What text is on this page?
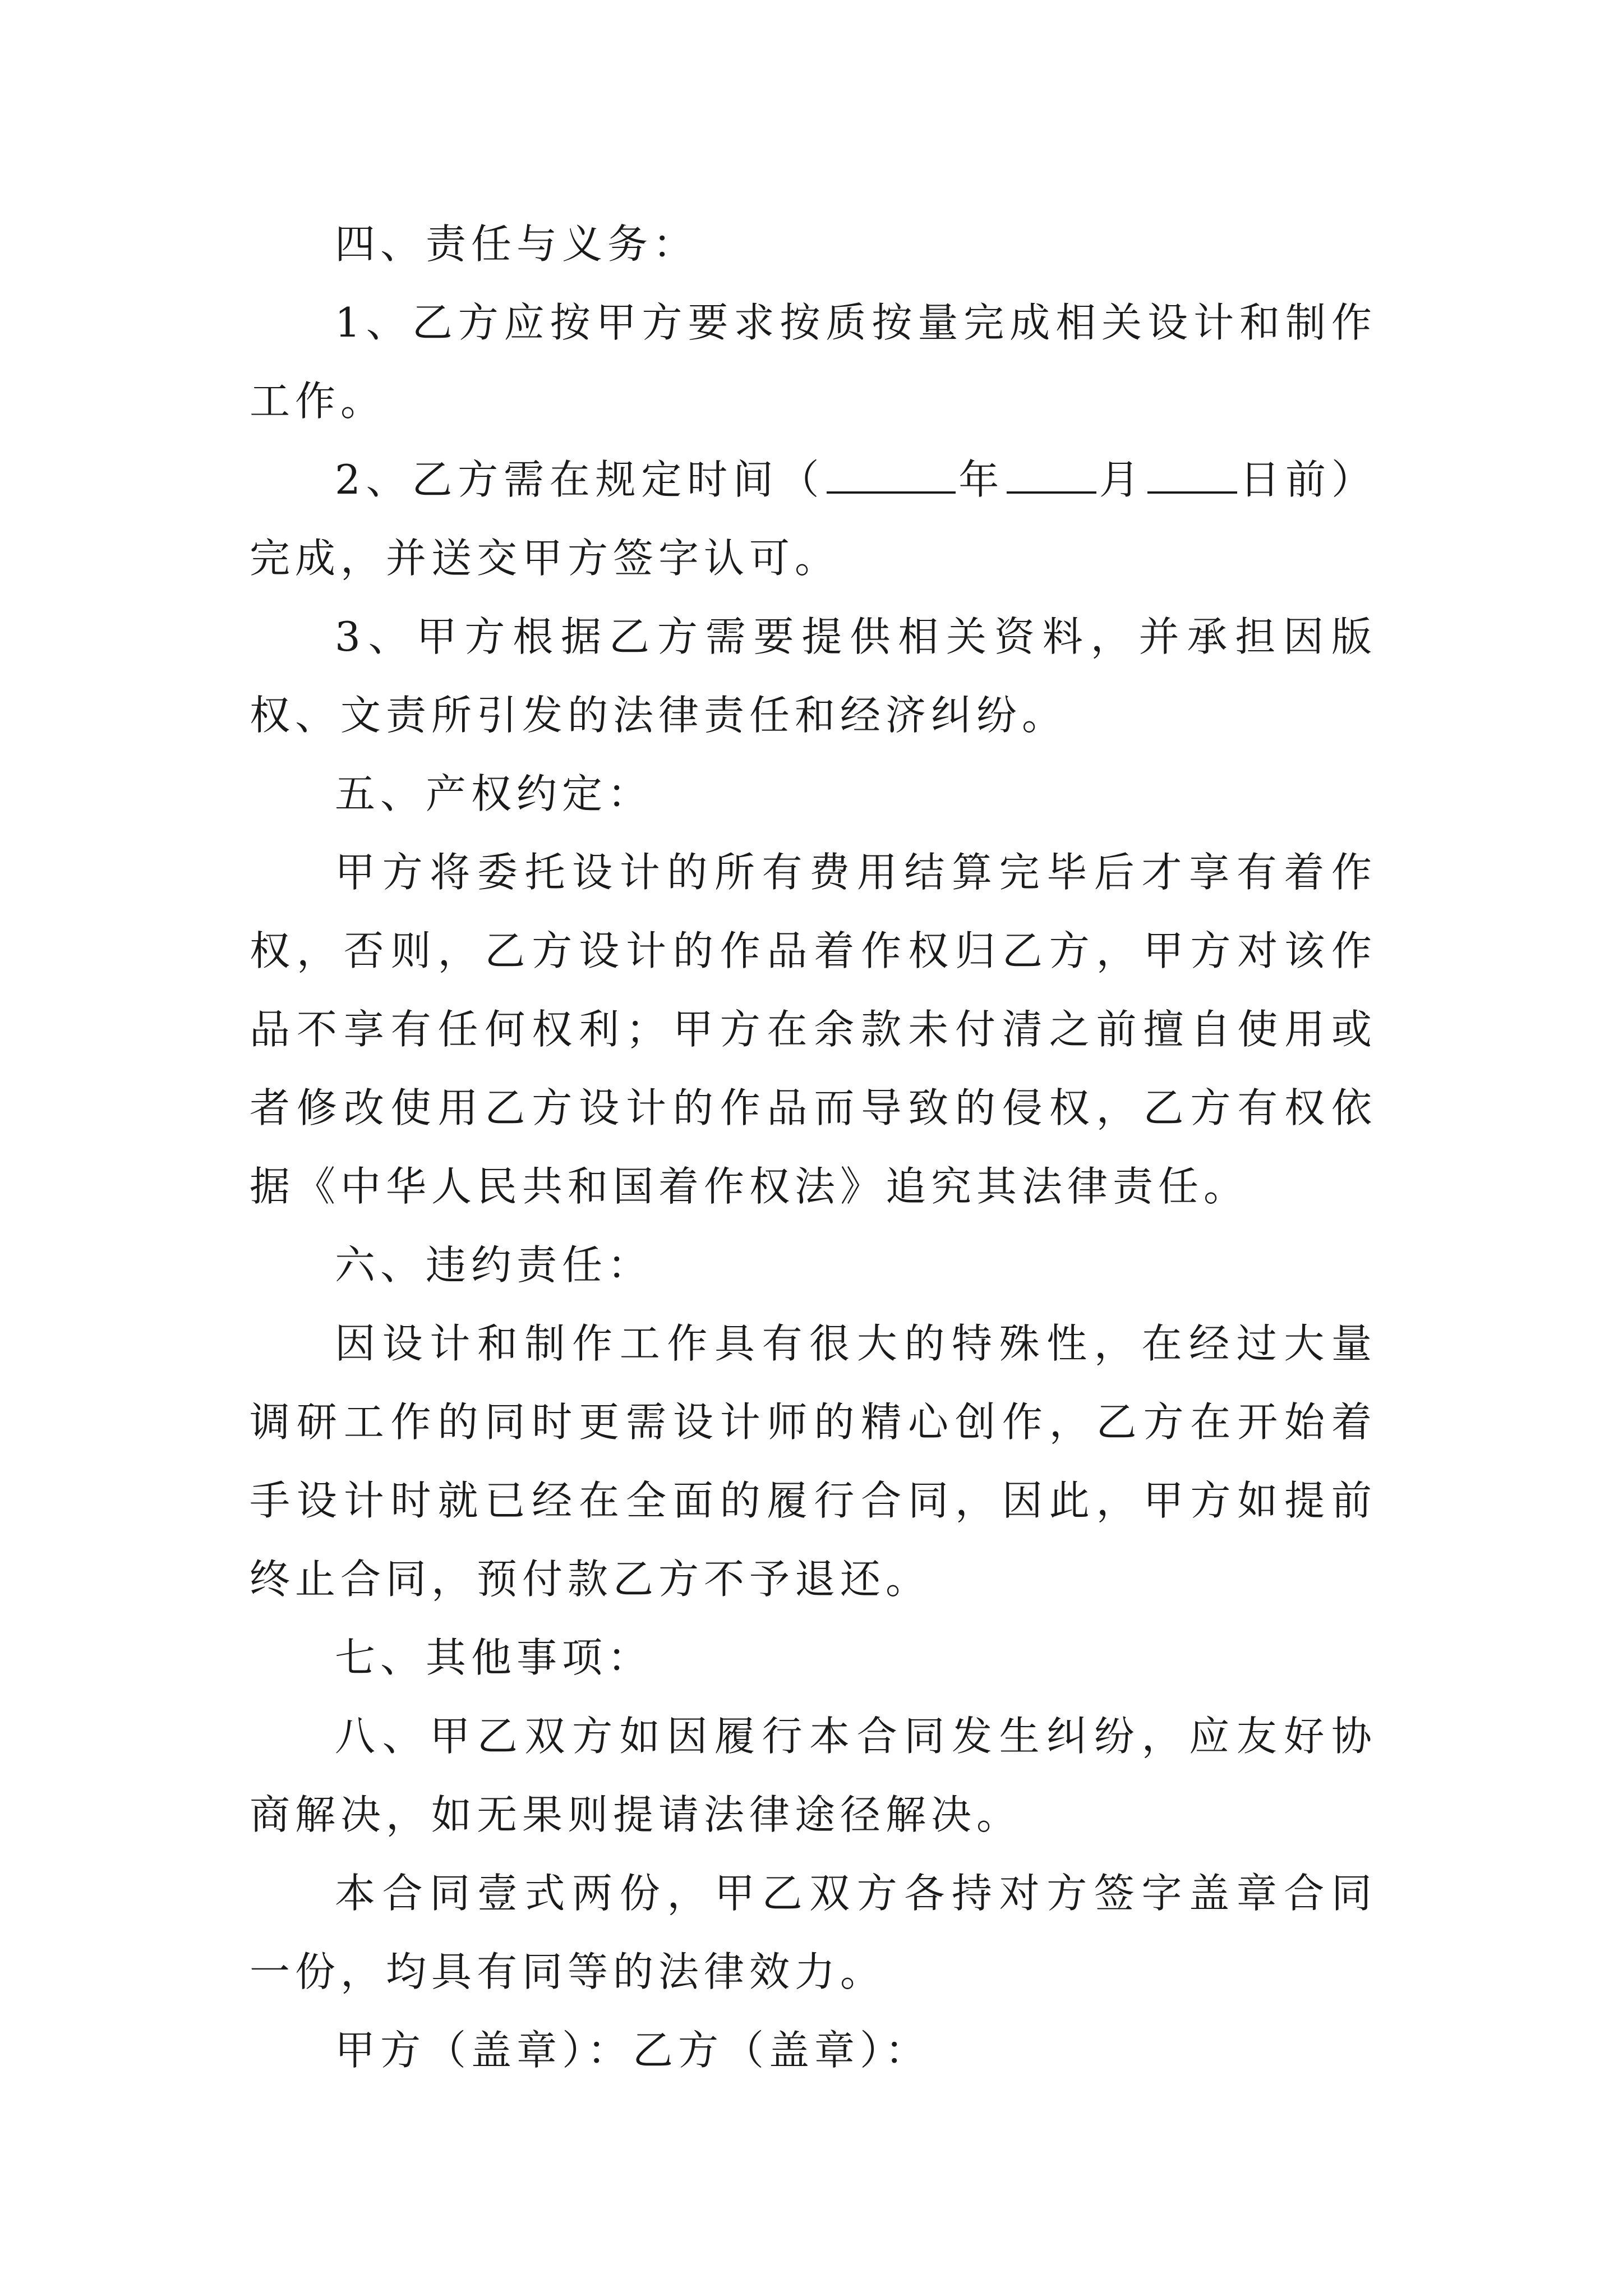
四、责任与义务：

1、乙方应按甲方要求按质按量完成相关设计和制作工作。

2、乙方需在规定时间（	年 月 日前）完成，并送交甲方签字认可。

3、甲方根据乙方需要提供相关资料，并承担因版权、文责所引发的法律责任和经济纠纷。

五、产权约定：

甲方将委托设计的所有费用结算完毕后才享有着作权，否则，乙方设计的作品着作权归乙方，甲方对该作品不享有任何权利；甲方在余款未付清之前擅自使用或者修改使用乙方设计的作品而导致的侵权，乙方有权依据《中华人民共和国着作权法》追究其法律责任。

六、违约责任：

因设计和制作工作具有很大的特殊性，在经过大量调研工作的同时更需设计师的精心创作，乙方在开始着手设计时就已经在全面的履行合同，因此，甲方如提前终止合同，预付款乙方不予退还。

七、其他事项：

八、甲乙双方如因履行本合同发生纠纷，应友好协商解决，如无果则提请法律途径解决。

本合同壹式两份，甲乙双方各持对方签字盖章合同一份，均具有同等的法律效力。

甲方（盖章）：乙方（盖章）：
